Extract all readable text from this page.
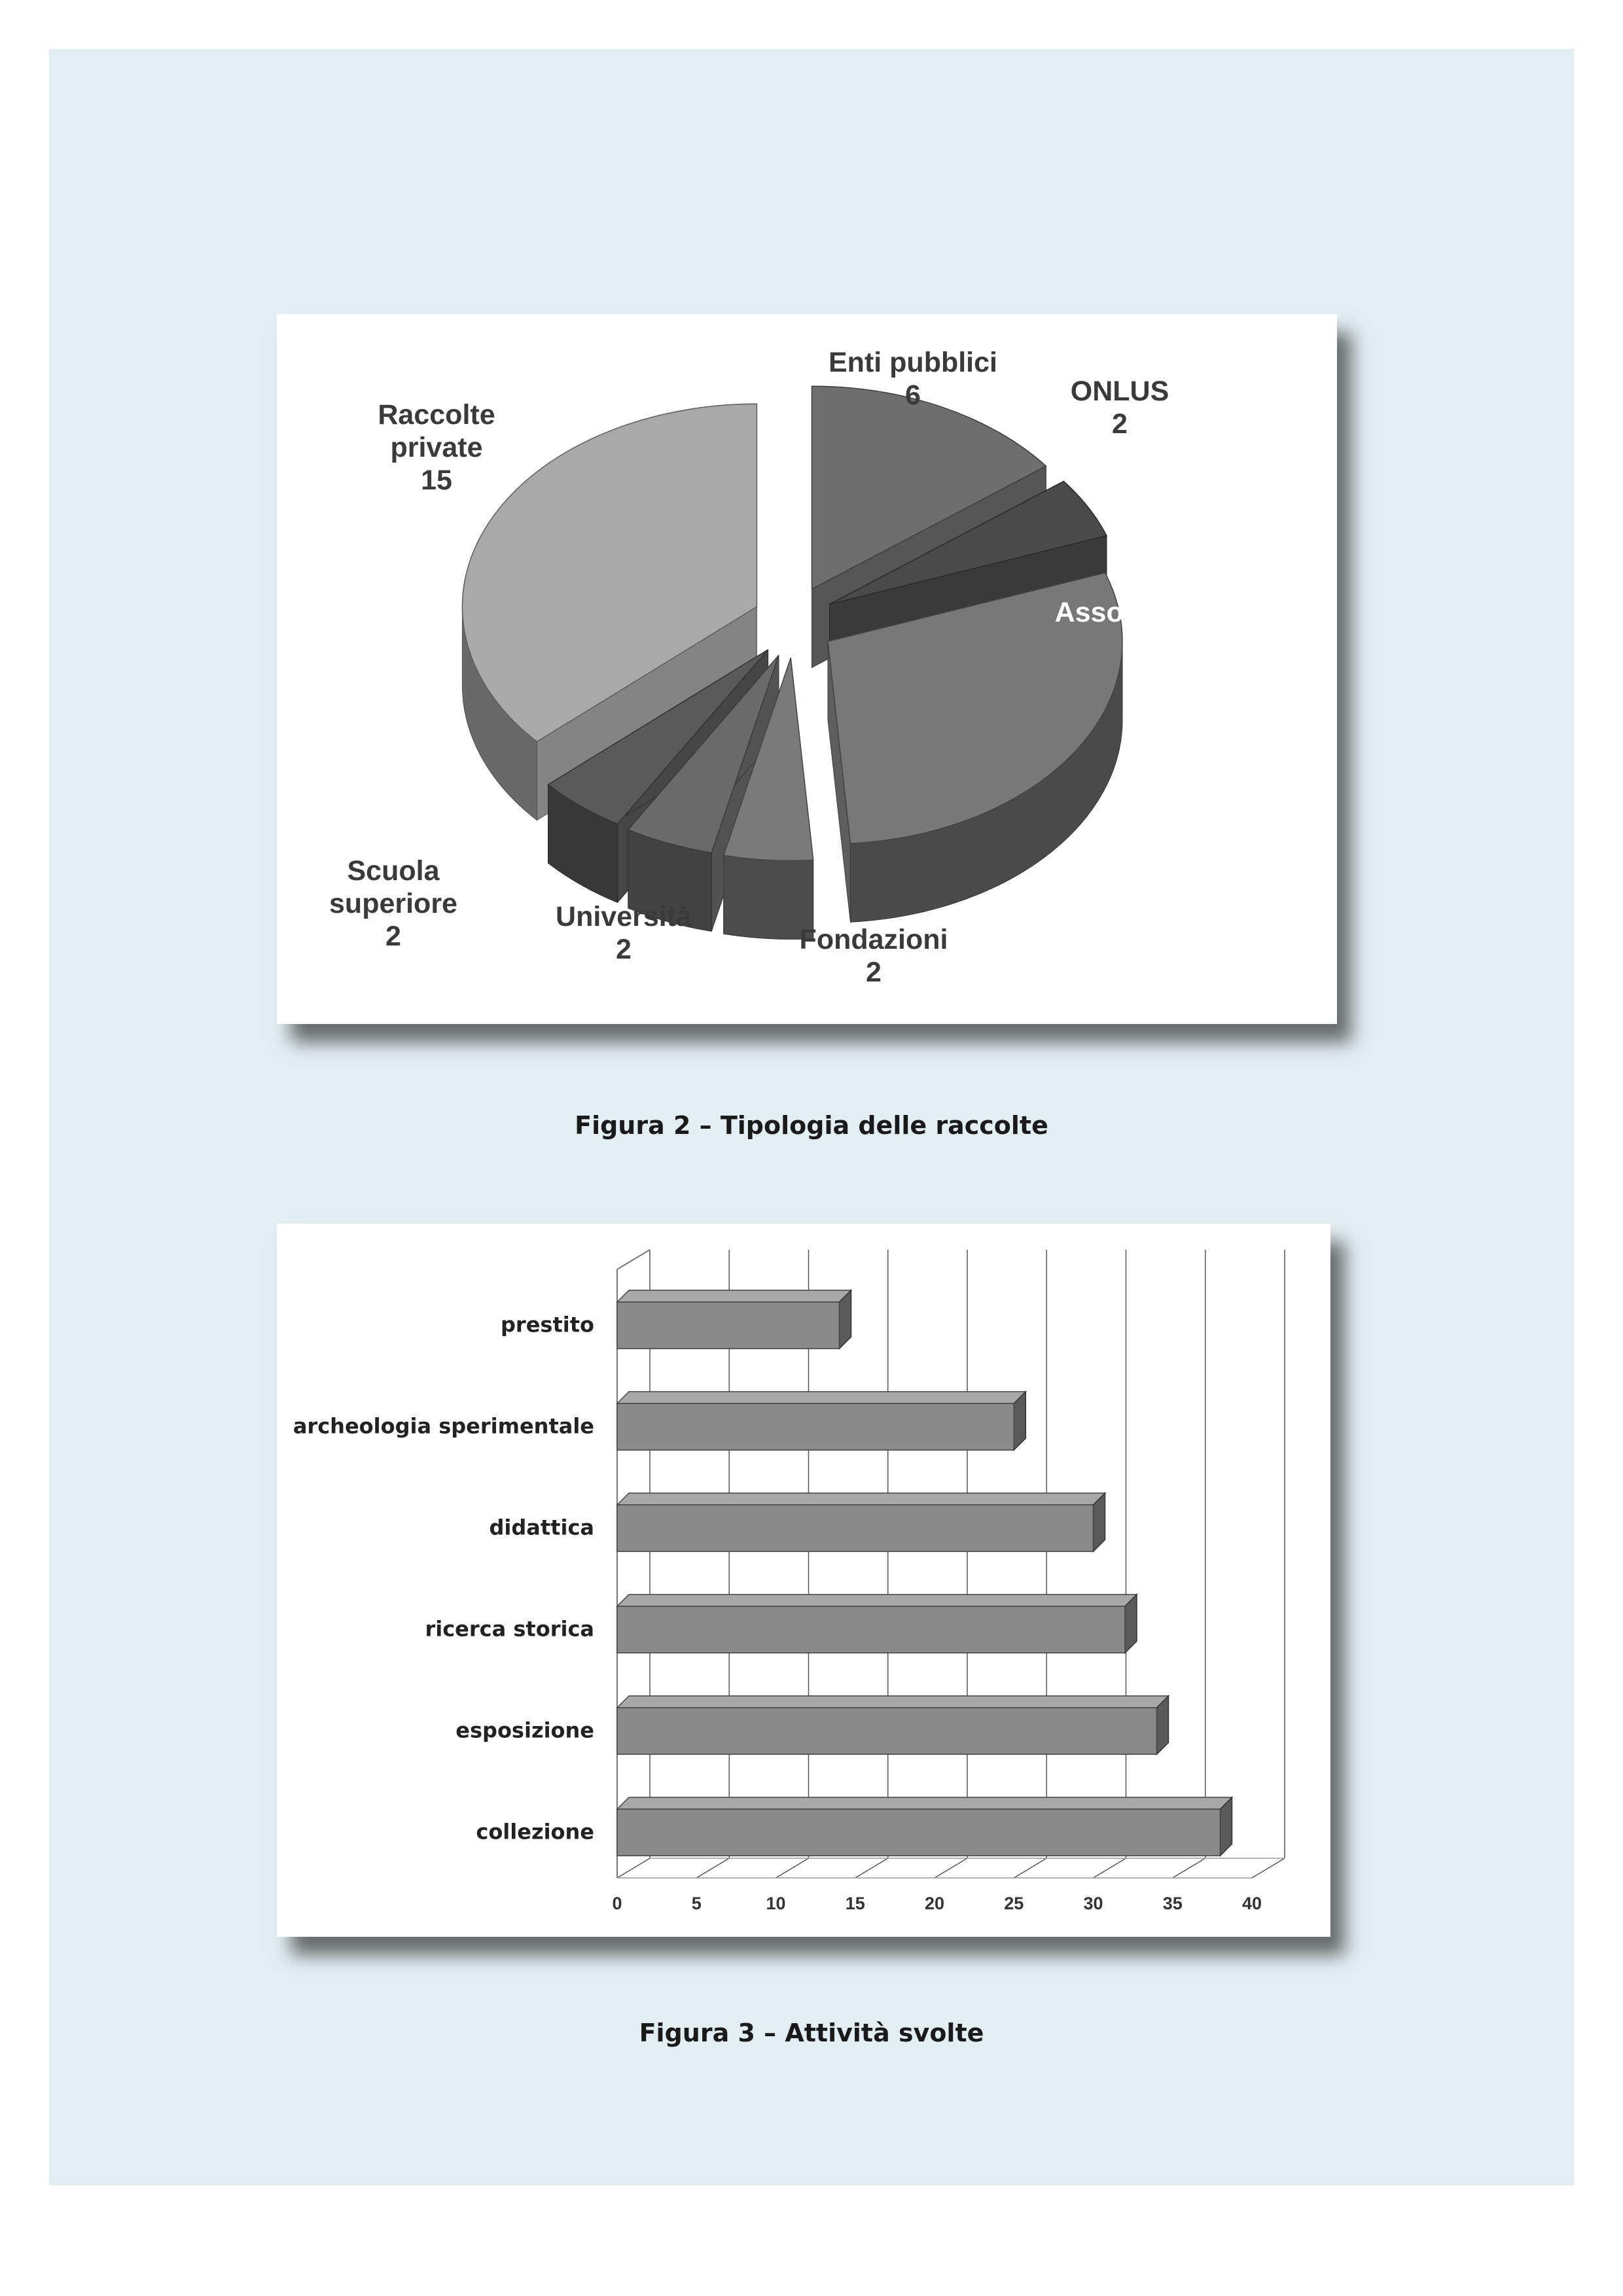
6
Enti pubblici
2
ONLUS
15
Raccolte
private
12
Associazioni
2
Scuola
superiore
2
Università
2
Fondazioni
Figura 2 – Tipologia delle raccolte
0	5	10	15	20	25	30	35	40
prestito
archeologia sperimentale
didattica
ricerca storica
esposizione
collezione
Figura 3 – Attività svolte
